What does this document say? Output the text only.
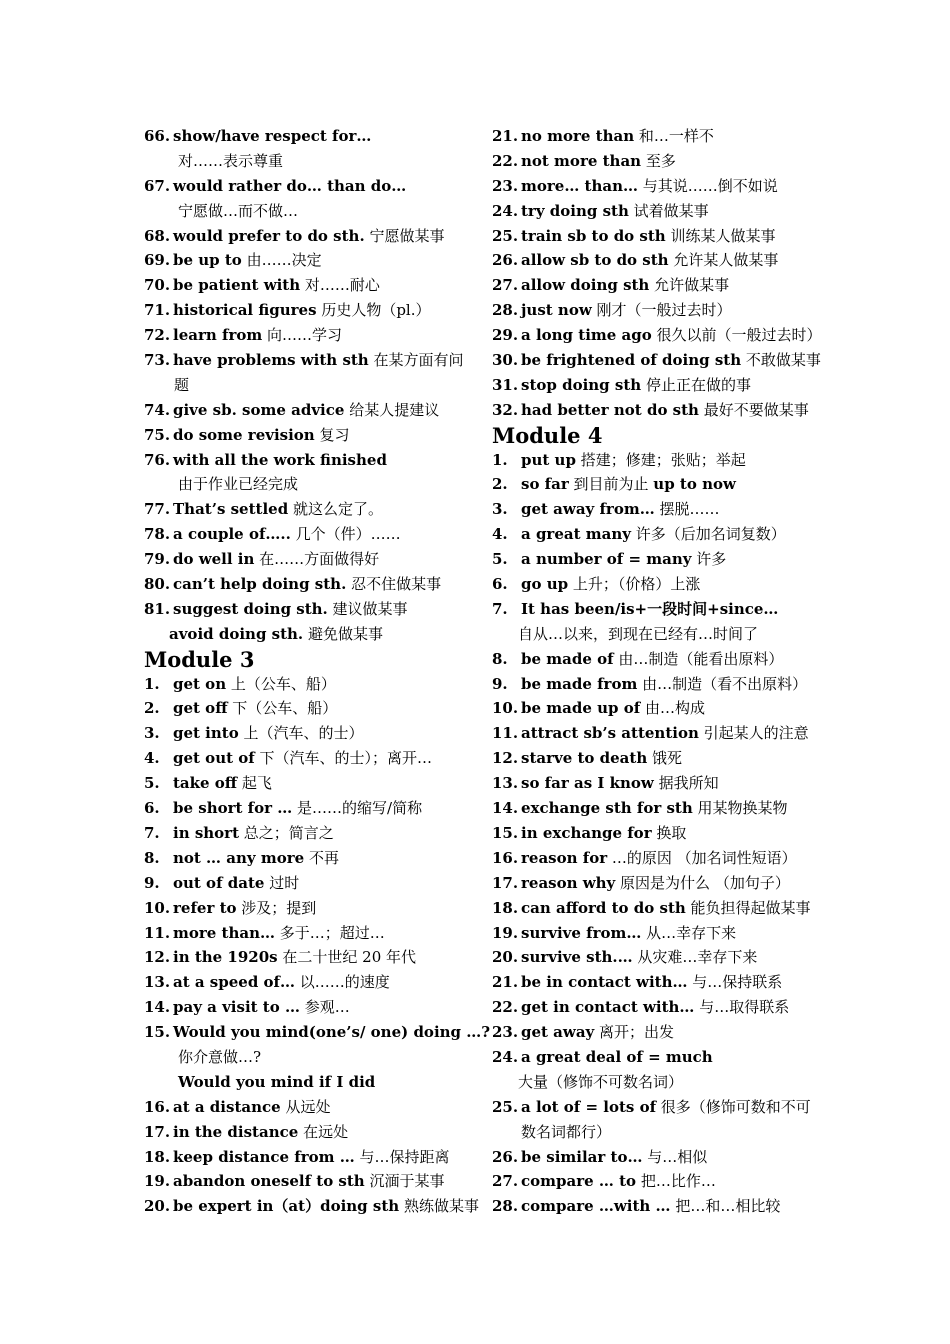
66. show/have respect for…
对……表示尊重
67. would rather do… than do…
宁愿做…而不做…
68. would prefer to do sth. 宁愿做某事
69. be up to 由……决定
70. be patient with 对……耐心
71. historical figures 历史人物（pl.）
72. learn from 向……学习
73. have problems with sth 在某方面有问
题
74. give sb. some advice 给某人提建议
75. do some revision 复习
76. with all the work finished
由于作业已经完成
77. That’s settled 就这么定了。
78. a couple of….. 几个（件）……
79. do well in 在……方面做得好
80. can’t help doing sth. 忍不住做某事
81. suggest doing sth. 建议做某事
avoid doing sth. 避免做某事
Module 3
1. get on 上（公车、船）
2. get off 下（公车、船）
3. get into 上（汽车、的士）
4. get out of 下（汽车、的士）；离开…
5. take off 起飞
6. be short for … 是……的缩写/简称
7. in short 总之；简言之
8. not … any more 不再
9. out of date 过时
10. refer to 涉及；提到
11. more than… 多于…；超过…
12. in the 1920s 在二十世纪 20 年代
13. at a speed of… 以……的速度
14. pay a visit to … 参观…
15. Would you mind(one’s/ one) doing …?
你介意做…?
Would you mind if I did
16. at a distance 从远处
17. in the distance 在远处
18. keep distance from … 与…保持距离
19. abandon oneself to sth 沉湎于某事
20. be expert in（at）doing sth 熟练做某事
21. no more than 和…一样不
22. not more than 至多
23. more… than… 与其说……倒不如说
24. try doing sth 试着做某事
25. train sb to do sth 训练某人做某事
26. allow sb to do sth 允许某人做某事
27. allow doing sth 允许做某事
28. just now 刚才（一般过去时）
29. a long time ago 很久以前（一般过去时）
30. be frightened of doing sth 不敢做某事
31. stop doing sth 停止正在做的事
32. had better not do sth 最好不要做某事
Module 4
1. put up 搭建；修建；张贴；举起
2. so far 到目前为止 up to now
3. get away from… 摆脱……
4. a great many 许多（后加名词复数）
5. a number of = many 许多
6. go up 上升；（价格）上涨
7. It has been/is+一段时间+since…
自从…以来，到现在已经有…时间了
8. be made of 由…制造（能看出原料）
9. be made from 由…制造（看不出原料）
10. be made up of 由…构成
11. attract sb’s attention 引起某人的注意
12. starve to death 饿死
13. so far as I know 据我所知
14. exchange sth for sth 用某物换某物
15. in exchange for 换取
16. reason for …的原因 （加名词性短语）
17. reason why 原因是为什么 （加句子）
18. can afford to do sth 能负担得起做某事
19. survive from… 从…幸存下来
20. survive sth.… 从灾难…幸存下来
21. be in contact with… 与…保持联系
22. get in contact with… 与…取得联系
23. get away 离开；出发
24. a great deal of = much
大量（修饰不可数名词）
25. a lot of = lots of 很多（修饰可数和不可
数名词都行）
26. be similar to… 与…相似
27. compare … to 把…比作…
28. compare …with … 把…和…相比较
